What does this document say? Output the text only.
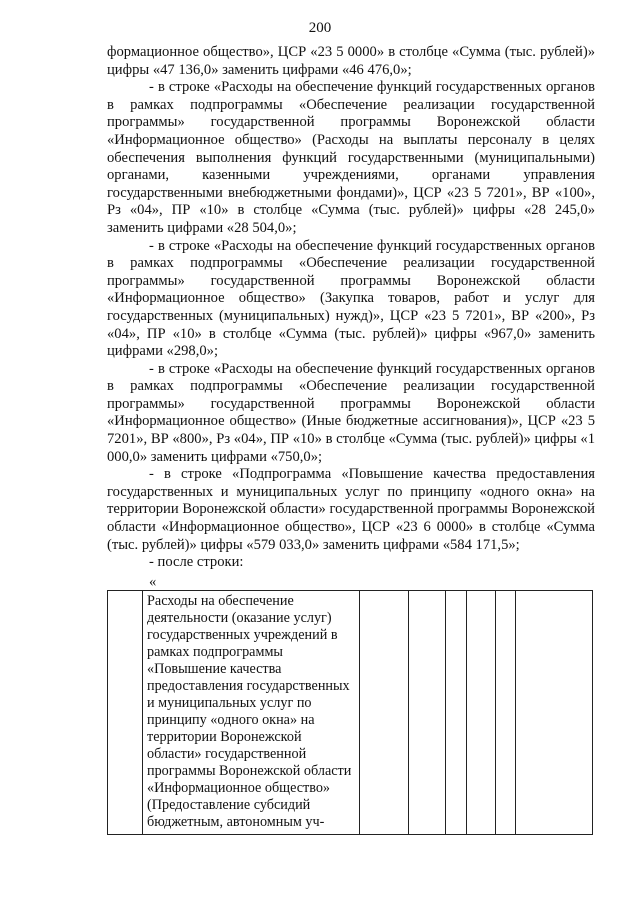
200

формационное общество», ЦСР «23 5 0000» в столбце «Сумма (тыс. рублей)» цифры «47 136,0» заменить цифрами «46 476,0»;

- в строке «Расходы на обеспечение функций государственных органов в рамках подпрограммы «Обеспечение реализации государственной программы» государственной программы Воронежской области «Информационное общество» (Расходы на выплаты персоналу в целях обеспечения выполнения функций государственными (муниципальными) органами, казенными учреждениями, органами управления государственными внебюджетными фондами)», ЦСР «23 5 7201», ВР «100», Рз «04», ПР «10» в столбце «Сумма (тыс. рублей)» цифры «28 245,0» заменить цифрами «28 504,0»;

- в строке «Расходы на обеспечение функций государственных органов в рамках подпрограммы «Обеспечение реализации государственной программы» государственной программы Воронежской области «Информационное общество» (Закупка товаров, работ и услуг для государственных (муниципальных) нужд)», ЦСР «23 5 7201», ВР «200», Рз «04», ПР «10» в столбце «Сумма (тыс. рублей)» цифры «967,0» заменить цифрами «298,0»;

- в строке «Расходы на обеспечение функций государственных органов в рамках подпрограммы «Обеспечение реализации государственной программы» государственной программы Воронежской области «Информационное общество» (Иные бюджетные ассигнования)», ЦСР «23 5 7201», ВР «800», Рз «04», ПР «10» в столбце «Сумма (тыс. рублей)» цифры «1 000,0» заменить цифрами «750,0»;

- в строке «Подпрограмма «Повышение качества предоставления государственных и муниципальных услуг по принципу «одного окна» на территории Воронежской области» государственной программы Воронежской области «Информационное общество», ЦСР «23 6 0000» в столбце «Сумма (тыс. рублей)» цифры «579 033,0» заменить цифрами «584 171,5»;

- после строки:

«
	Расходы на обеспечение деятельности (оказание услуг) государственных учреждений в рамках подпрограммы «Повышение качества предоставления государственных и муниципальных услуг по принципу «одного окна» на территории Воронежской области» государственной программы Воронежской области «Информационное общество» (Предоставление субсидий бюджетным, автономным уч-						
